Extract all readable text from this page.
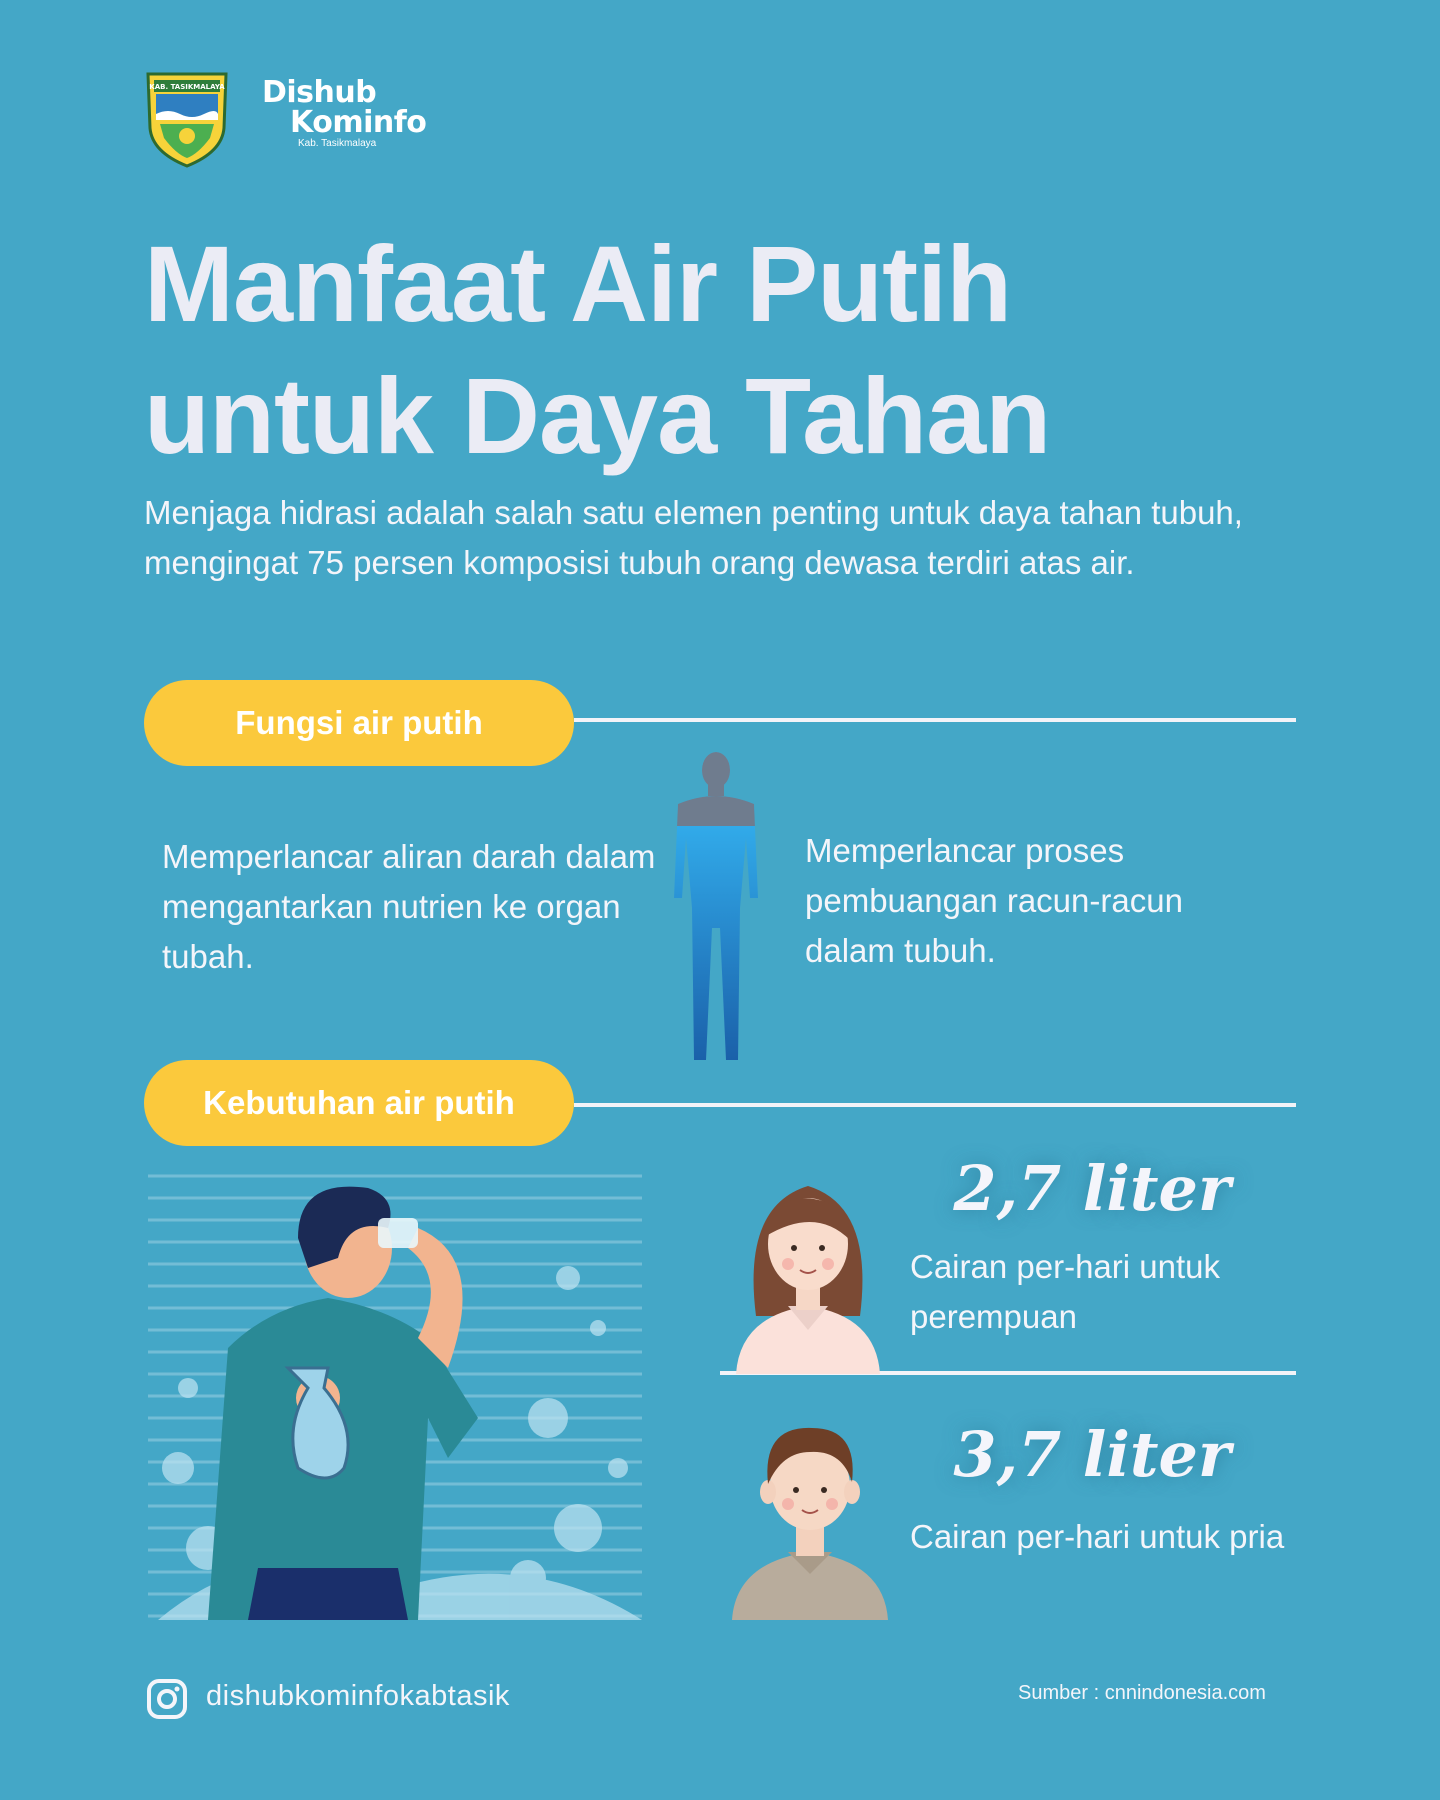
KAB. TASIKMALAYA Dishub
Kominfo
Kab. Tasikmalaya
Manfaat Air Putih
untuk Daya Tahan
Menjaga hidrasi adalah salah satu elemen penting untuk daya tahan tubuh, mengingat 75 persen komposisi tubuh orang dewasa terdiri atas air.
Fungsi air putih
Memperlancar aliran darah dalam mengantarkan nutrien ke organ tubah.
Memperlancar proses pembuangan racun-racun dalam tubuh.
Kebutuhan air putih
2,7 liter
Cairan per-hari untuk perempuan
3,7 liter
Cairan per-hari untuk pria
dishubkominfokabtasik	Sumber : cnnindonesia.com
